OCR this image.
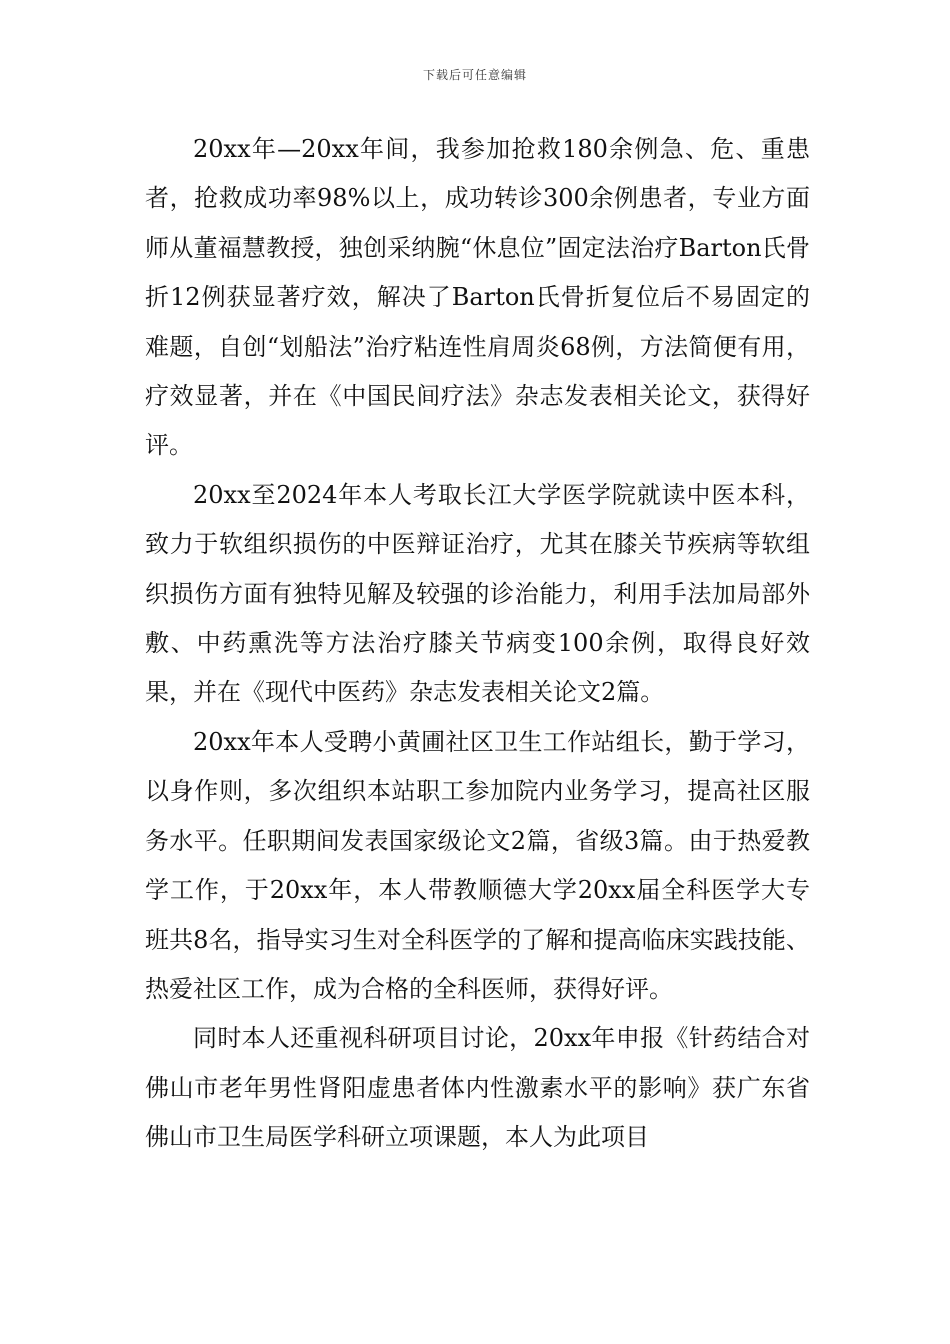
下载后可任意编辑

20xx年—20xx年间，我参加抢救180余例急、危、重患者，抢救成功率98%以上，成功转诊300余例患者，专业方面师从董福慧教授，独创采纳腕“休息位”固定法治疗Barton氏骨折12例获显著疗效，解决了Barton氏骨折复位后不易固定的难题，自创“划船法”治疗粘连性肩周炎68例，方法简便有用，疗效显著，并在《中国民间疗法》杂志发表相关论文，获得好评。

20xx至2024年本人考取长江大学医学院就读中医本科，致力于软组织损伤的中医辩证治疗，尤其在膝关节疾病等软组织损伤方面有独特见解及较强的诊治能力，利用手法加局部外敷、中药熏洗等方法治疗膝关节病变100余例，取得良好效果，并在《现代中医药》杂志发表相关论文2篇。

20xx年本人受聘小黄圃社区卫生工作站组长，勤于学习，以身作则，多次组织本站职工参加院内业务学习，提高社区服务水平。任职期间发表国家级论文2篇，省级3篇。由于热爱教学工作，于20xx年，本人带教顺德大学20xx届全科医学大专班共8名，指导实习生对全科医学的了解和提高临床实践技能、热爱社区工作，成为合格的全科医师，获得好评。

同时本人还重视科研项目讨论，20xx年申报《针药结合对佛山市老年男性肾阳虚患者体内性激素水平的影响》获广东省佛山市卫生局医学科研立项课题，本人为此项目
